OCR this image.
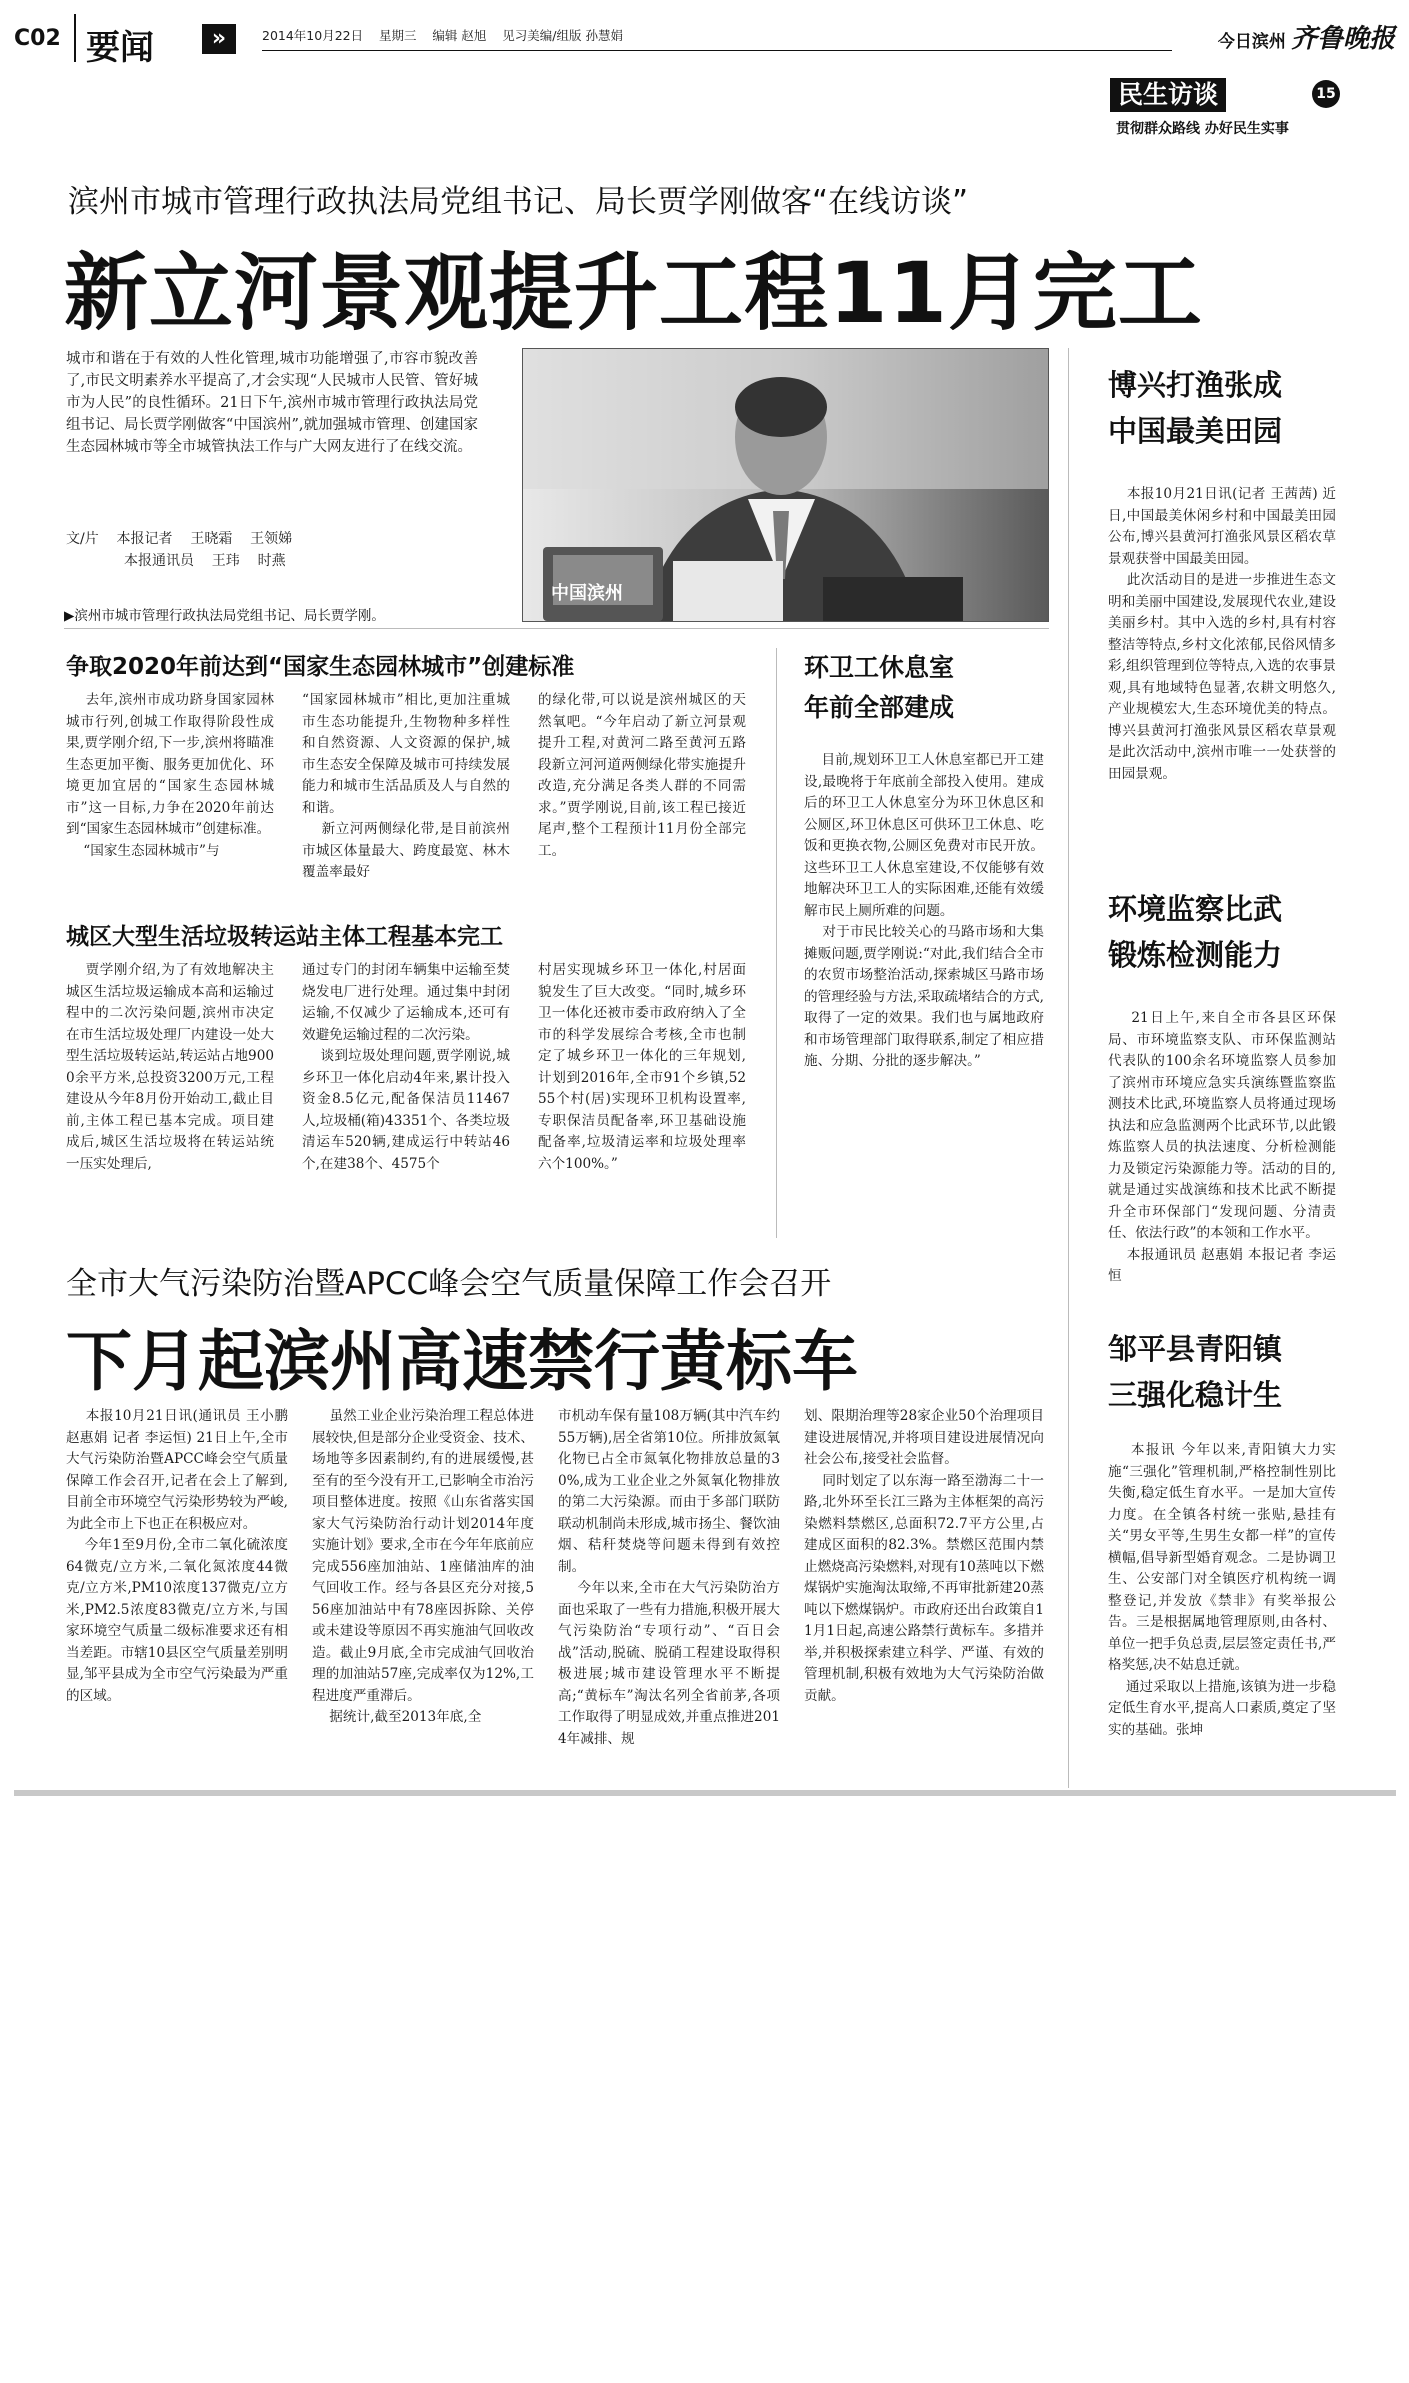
C02 要闻	»	2014年10月22日    星期三    编辑 赵旭    见习美编/组版 孙慧娟	今日滨州 齐鲁晚报
民生访谈	15
贯彻群众路线 办好民生实事
滨州市城市管理行政执法局党组书记、局长贾学刚做客“在线访谈”
新立河景观提升工程11月完工
城市和谐在于有效的人性化管理,城市功能增强了,市容市貌改善了,市民文明素养水平提高了,才会实现“人民城市人民管、管好城市为人民”的良性循环。21日下午,滨州市城市管理行政执法局党组书记、局长贾学刚做客“中国滨州”,就加强城市管理、创建国家生态园林城市等全市城管执法工作与广大网友进行了在线交流。
文/片    本报记者    王晓霜    王领娣
本报通讯员    王玮    时燕
中国滨州
▶滨州市城市管理行政执法局党组书记、局长贾学刚。
争取2020年前达到“国家生态园林城市”创建标准
去年,滨州市成功跻身国家园林城市行列,创城工作取得阶段性成果,贾学刚介绍,下一步,滨州将瞄准生态更加平衡、服务更加优化、环境更加宜居的“国家生态园林城市”这一目标,力争在2020年前达到“国家生态园林城市”创建标准。
“国家生态园林城市”与
“国家园林城市”相比,更加注重城市生态功能提升,生物物种多样性和自然资源、人文资源的保护,城市生态安全保障及城市可持续发展能力和城市生活品质及人与自然的和谐。
新立河两侧绿化带,是目前滨州市城区体量最大、跨度最宽、林木覆盖率最好
的绿化带,可以说是滨州城区的天然氧吧。“今年启动了新立河景观提升工程,对黄河二路至黄河五路段新立河河道两侧绿化带实施提升改造,充分满足各类人群的不同需求。”贾学刚说,目前,该工程已接近尾声,整个工程预计11月份全部完工。
城区大型生活垃圾转运站主体工程基本完工
贾学刚介绍,为了有效地解决主城区生活垃圾运输成本高和运输过程中的二次污染问题,滨州市决定在市生活垃圾处理厂内建设一处大型生活垃圾转运站,转运站占地9000余平方米,总投资3200万元,工程建设从今年8月份开始动工,截止目前,主体工程已基本完成。项目建成后,城区生活垃圾将在转运站统一压实处理后,
通过专门的封闭车辆集中运输至焚烧发电厂进行处理。通过集中封闭运输,不仅减少了运输成本,还可有效避免运输过程的二次污染。
谈到垃圾处理问题,贾学刚说,城乡环卫一体化启动4年来,累计投入资金8.5亿元,配备保洁员11467人,垃圾桶(箱)43351个、各类垃圾清运车520辆,建成运行中转站46个,在建38个、4575个
村居实现城乡环卫一体化,村居面貌发生了巨大改变。“同时,城乡环卫一体化还被市委市政府纳入了全市的科学发展综合考核,全市也制定了城乡环卫一体化的三年规划,计划到2016年,全市91个乡镇,5255个村(居)实现环卫机构设置率,专职保洁员配备率,环卫基础设施配备率,垃圾清运率和垃圾处理率六个100%。”
环卫工休息室
年前全部建成
目前,规划环卫工人休息室都已开工建设,最晚将于年底前全部投入使用。建成后的环卫工人休息室分为环卫休息区和公厕区,环卫休息区可供环卫工休息、吃饭和更换衣物,公厕区免费对市民开放。这些环卫工人休息室建设,不仅能够有效地解决环卫工人的实际困难,还能有效缓解市民上厕所难的问题。
对于市民比较关心的马路市场和大集摊贩问题,贾学刚说:“对此,我们结合全市的农贸市场整治活动,探索城区马路市场的管理经验与方法,采取疏堵结合的方式,取得了一定的效果。我们也与属地政府和市场管理部门取得联系,制定了相应措施、分期、分批的逐步解决。”
全市大气污染防治暨APCC峰会空气质量保障工作会召开
下月起滨州高速禁行黄标车
本报10月21日讯(通讯员 王小鹏 赵惠娟 记者 李运恒) 21日上午,全市大气污染防治暨APCC峰会空气质量保障工作会召开,记者在会上了解到,目前全市环境空气污染形势较为严峻,为此全市上下也正在积极应对。
今年1至9月份,全市二氧化硫浓度64微克/立方米,二氧化氮浓度44微克/立方米,PM10浓度137微克/立方米,PM2.5浓度83微克/立方米,与国家环境空气质量二级标准要求还有相当差距。市辖10县区空气质量差别明显,邹平县成为全市空气污染最为严重的区域。
虽然工业企业污染治理工程总体进展较快,但是部分企业受资金、技术、场地等多因素制约,有的进展缓慢,甚至有的至今没有开工,已影响全市治污项目整体进度。按照《山东省落实国家大气污染防治行动计划2014年度实施计划》要求,全市在今年年底前应完成556座加油站、1座储油库的油气回收工作。经与各县区充分对接,556座加油站中有78座因拆除、关停或未建设等原因不再实施油气回收改造。截止9月底,全市完成油气回收治理的加油站57座,完成率仅为12%,工程进度严重滞后。
据统计,截至2013年底,全
市机动车保有量108万辆(其中汽车约55万辆),居全省第10位。所排放氮氧化物已占全市氮氧化物排放总量的30%,成为工业企业之外氮氧化物排放的第二大污染源。而由于多部门联防联动机制尚未形成,城市扬尘、餐饮油烟、秸秆焚烧等问题未得到有效控制。
今年以来,全市在大气污染防治方面也采取了一些有力措施,积极开展大气污染防治“专项行动”、“百日会战”活动,脱硫、脱硝工程建设取得积极进展;城市建设管理水平不断提高;“黄标车”淘汰名列全省前茅,各项工作取得了明显成效,并重点推进2014年减排、规
划、限期治理等28家企业50个治理项目建设进展情况,并将项目建设进展情况向社会公布,接受社会监督。
同时划定了以东海一路至渤海二十一路,北外环至长江三路为主体框架的高污染燃料禁燃区,总面积72.7平方公里,占建成区面积的82.3%。禁燃区范围内禁止燃烧高污染燃料,对现有10蒸吨以下燃煤锅炉实施淘汰取缔,不再审批新建20蒸吨以下燃煤锅炉。市政府还出台政策自11月1日起,高速公路禁行黄标车。多措并举,并积极探索建立科学、严谨、有效的管理机制,积极有效地为大气污染防治做贡献。
博兴打渔张成
中国最美田园
本报10月21日讯(记者 王茜茜) 近日,中国最美休闲乡村和中国最美田园公布,博兴县黄河打渔张风景区稻农草景观获誉中国最美田园。
此次活动目的是进一步推进生态文明和美丽中国建设,发展现代农业,建设美丽乡村。其中入选的乡村,具有村容整洁等特点,乡村文化浓郁,民俗风情多彩,组织管理到位等特点,入选的农事景观,具有地域特色显著,农耕文明悠久,产业规模宏大,生态环境优美的特点。博兴县黄河打渔张风景区稻农草景观是此次活动中,滨州市唯一一处获誉的田园景观。
环境监察比武
锻炼检测能力
21日上午,来自全市各县区环保局、市环境监察支队、市环保监测站代表队的100余名环境监察人员参加了滨州市环境应急实兵演练暨监察监测技术比武,环境监察人员将通过现场执法和应急监测两个比武环节,以此锻炼监察人员的执法速度、分析检测能力及锁定污染源能力等。活动的目的,就是通过实战演练和技术比武不断提升全市环保部门“发现问题、分清责任、依法行政”的本领和工作水平。
本报通讯员 赵惠娟 本报记者 李运恒
邹平县青阳镇
三强化稳计生
本报讯 今年以来,青阳镇大力实施“三强化”管理机制,严格控制性别比失衡,稳定低生育水平。一是加大宣传力度。在全镇各村统一张贴,悬挂有关“男女平等,生男生女都一样”的宣传横幅,倡导新型婚育观念。二是协调卫生、公安部门对全镇医疗机构统一调整登记,并发放《禁非》有奖举报公告。三是根据属地管理原则,由各村、单位一把手负总责,层层签定责任书,严格奖惩,决不姑息迁就。
通过采取以上措施,该镇为进一步稳定低生育水平,提高人口素质,奠定了坚实的基础。张坤
